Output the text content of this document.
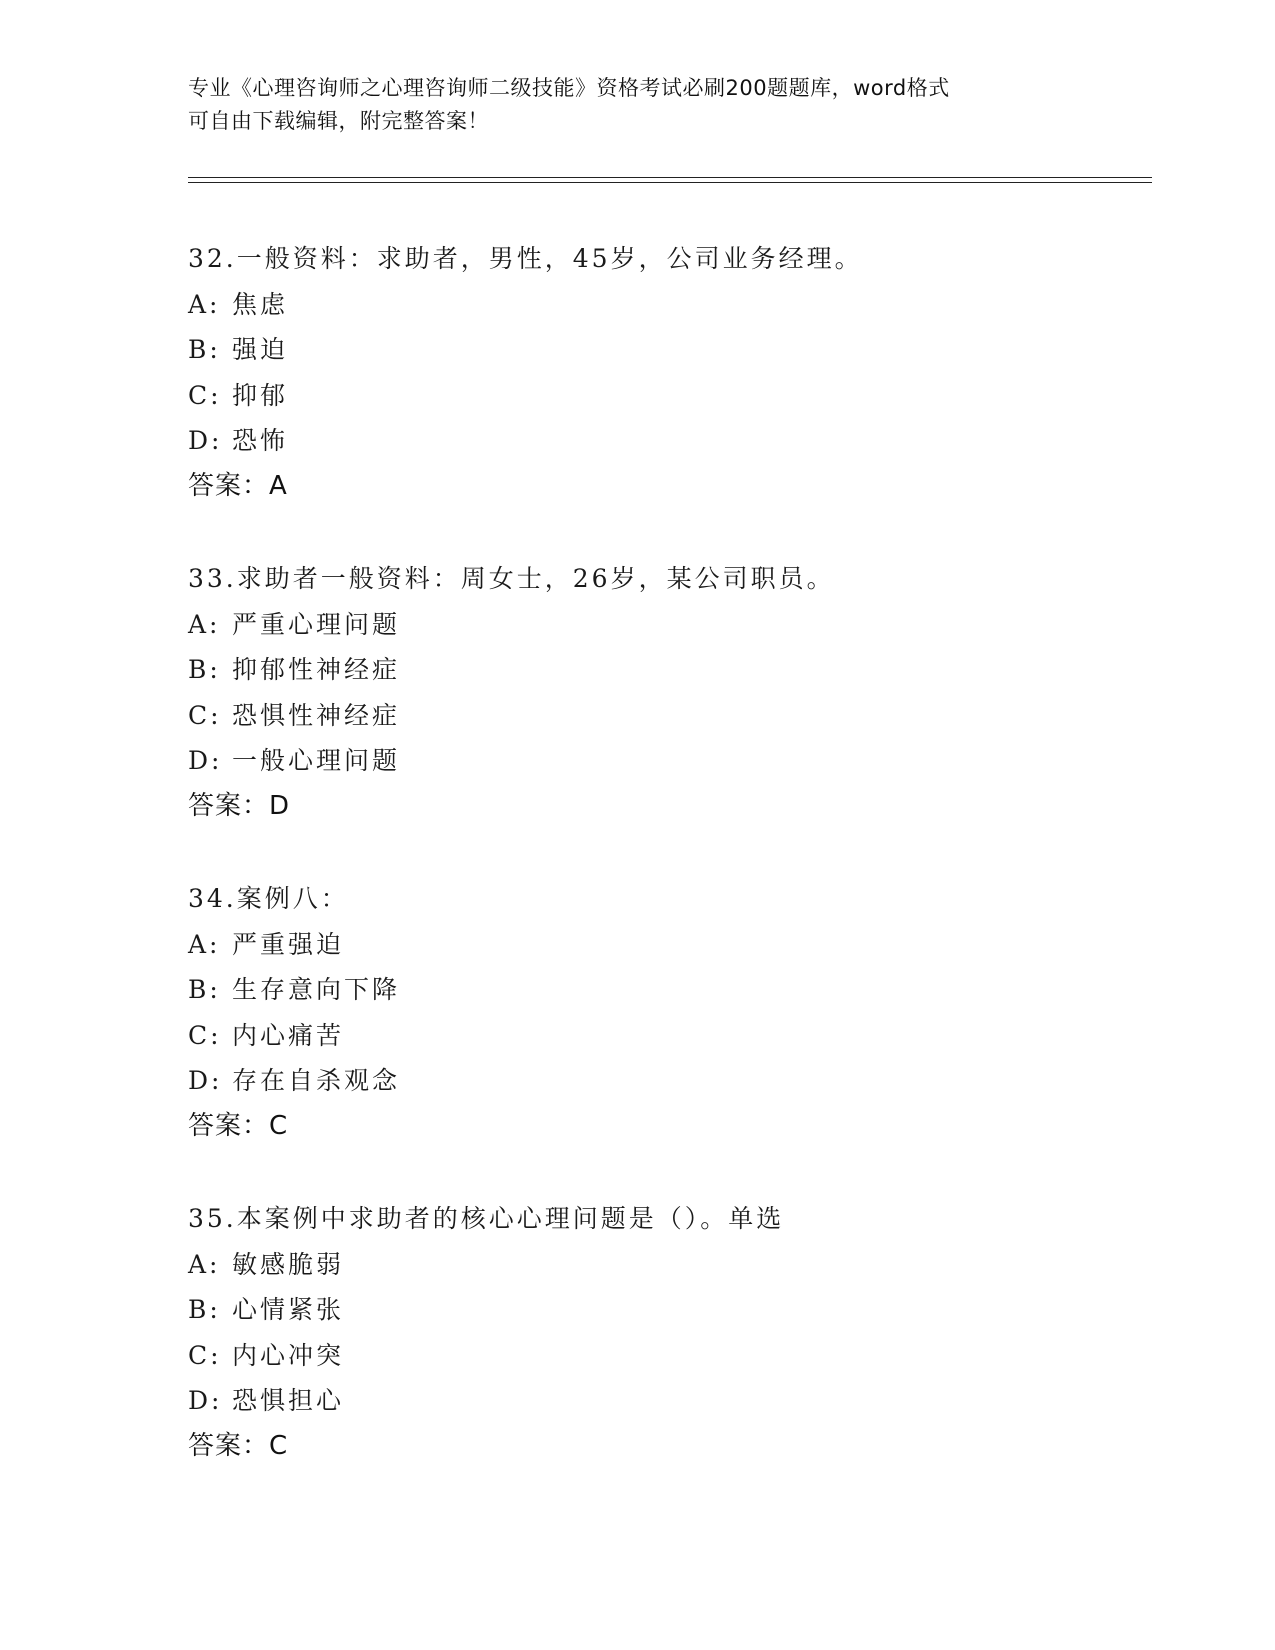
专业《心理咨询师之心理咨询师二级技能》资格考试必刷200题题库，word格式
可自由下载编辑，附完整答案！
32.一般资料：求助者，男性，45岁，公司业务经理。
A: 焦虑
B: 强迫
C: 抑郁
D: 恐怖
答案：A
33.求助者一般资料：周女士，26岁，某公司职员。
A: 严重心理问题
B: 抑郁性神经症
C: 恐惧性神经症
D: 一般心理问题
答案：D
34.案例八：
A: 严重强迫
B: 生存意向下降
C: 内心痛苦
D: 存在自杀观念
答案：C
35.本案例中求助者的核心心理问题是（）。单选
A: 敏感脆弱
B: 心情紧张
C: 内心冲突
D: 恐惧担心
答案：C
